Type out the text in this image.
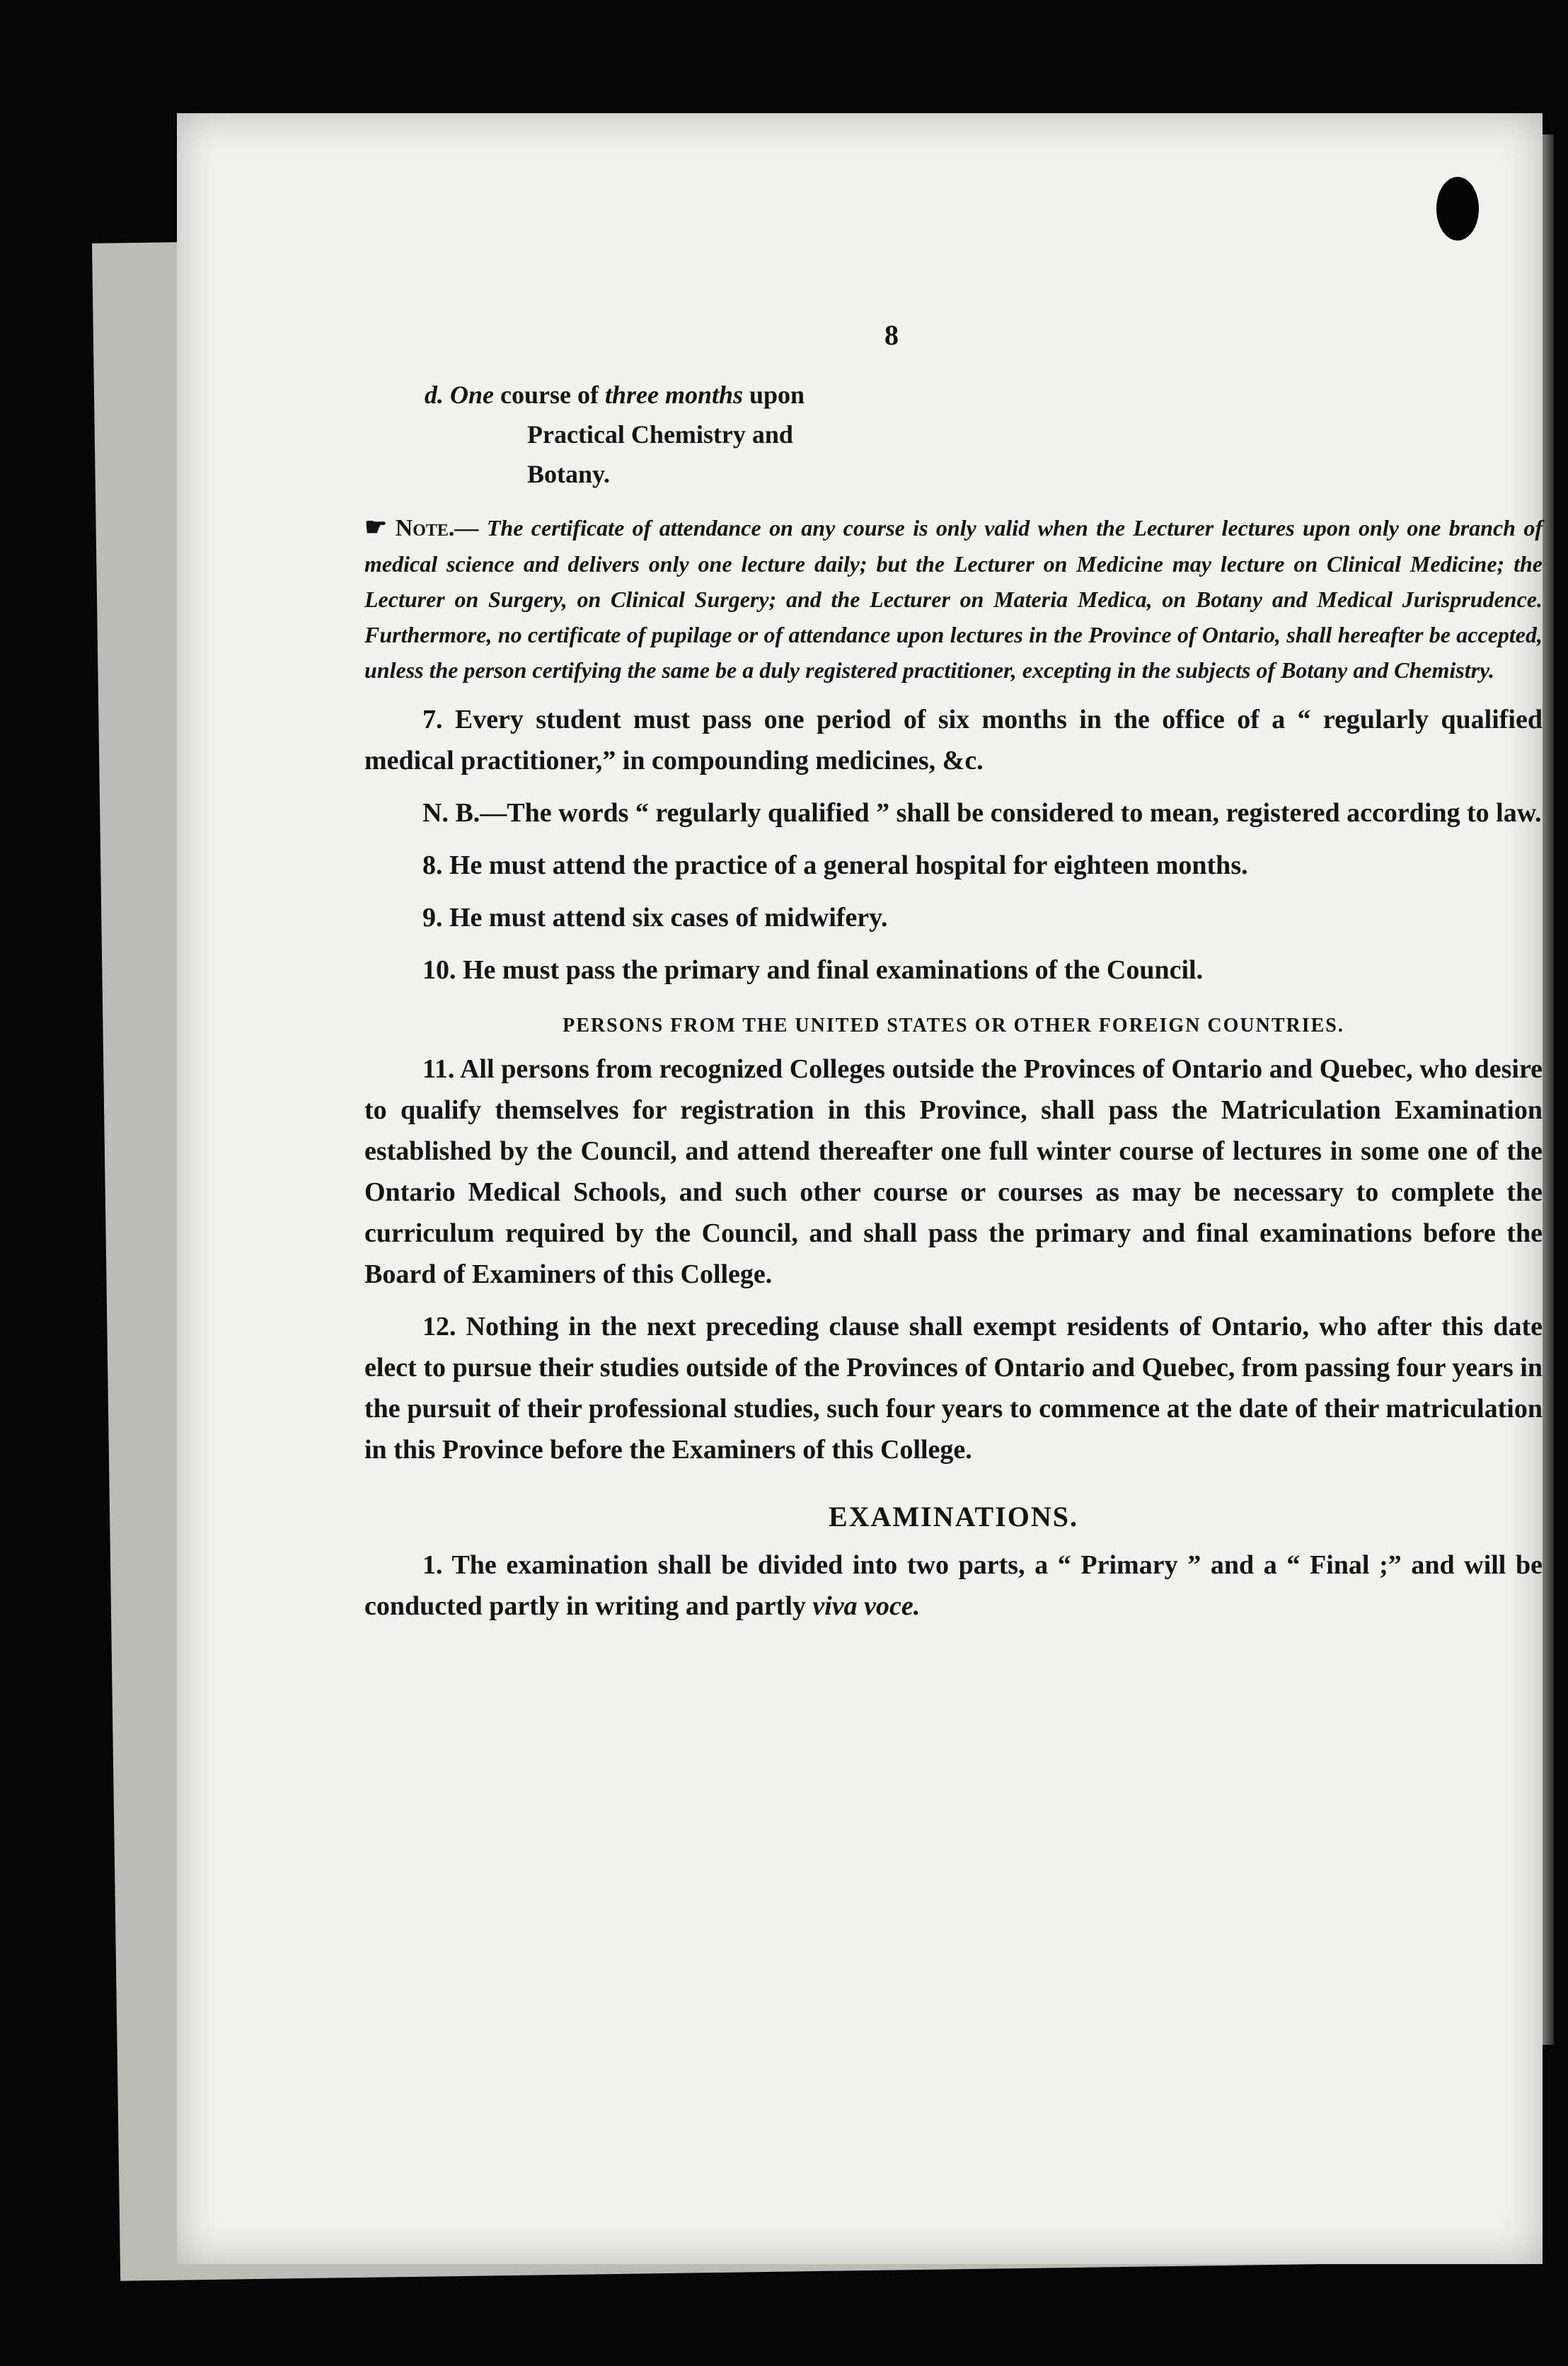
8
d. One course of three months upon
Practical Chemistry and
Botany.
☛ Note.— The certificate of attendance on any course is only valid when the Lecturer lectures upon only one branch of medical science and delivers only one lecture daily; but the Lecturer on Medicine may lecture on Clinical Medicine; the Lecturer on Surgery, on Clinical Surgery; and the Lecturer on Materia Medica, on Botany and Medical Jurisprudence. Furthermore, no certificate of pupilage or of attendance upon lectures in the Province of Ontario, shall hereafter be accepted, unless the person certifying the same be a duly registered practitioner, excepting in the subjects of Botany and Chemistry.
7. Every student must pass one period of six months in the office of a “ regularly qualified medical practitioner,” in compounding medicines, &c.
N. B.—The words “ regularly qualified ” shall be considered to mean, registered according to law.
8. He must attend the practice of a general hospital for eighteen months.
9. He must attend six cases of midwifery.
10. He must pass the primary and final examinations of the Council.
PERSONS FROM THE UNITED STATES OR OTHER FOREIGN COUNTRIES.
11. All persons from recognized Colleges outside the Provinces of Ontario and Quebec, who desire to qualify themselves for registration in this Province, shall pass the Matriculation Examination established by the Council, and attend thereafter one full winter course of lectures in some one of the Ontario Medical Schools, and such other course or courses as may be necessary to complete the curriculum required by the Council, and shall pass the primary and final examinations before the Board of Examiners of this College.
12. Nothing in the next preceding clause shall exempt residents of Ontario, who after this date elect to pursue their studies outside of the Provinces of Ontario and Quebec, from passing four years in the pursuit of their professional studies, such four years to commence at the date of their matriculation in this Province before the Examiners of this College.
EXAMINATIONS.
1. The examination shall be divided into two parts, a “ Primary ” and a “ Final ;” and will be conducted partly in writing and partly viva voce.
